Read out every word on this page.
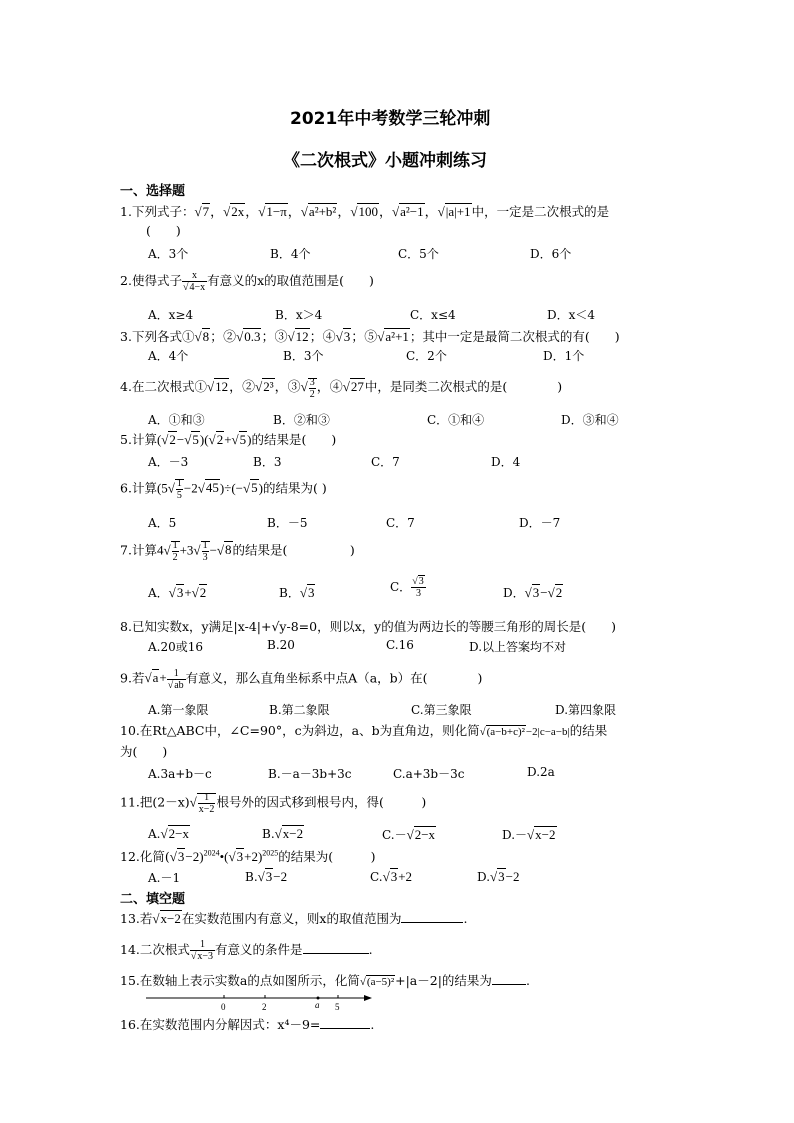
2021年中考数学三轮冲刺
《二次根式》小题冲刺练习
一、选择题
1.下列式子：√7，√2x，√1−π，√a²+b²，√100，√a²−1，√|a|+1中，一定是二次根式的是
(　　)
A．3个	B．4个	C．5个	D．6个
2.使得式子 $\frac{x}{√4-x}$ 有意义的x的取值范围是(　　)
A．x≥4	B．x＞4	C．x≤4	D．x＜4
3.下列各式①√8；②√0.3；③√12；④√3；⑤√a²+1；其中一定是最简二次根式的有(　　)
A．4个	B．3个	C．2个	D．1个
4.在二次根式①√12，②√2³，③√ $\frac{3}{2}$ ，④√27中，是同类二次根式的是(　　　　)
A．①和③	B．②和③	C．①和④	D．③和④
5.计算(√2−√5)(√2+√5)的结果是(　　)
A．－3	B．3	C．7	D．4
6.计算$(5√ \frac{1}{5} -2√45)\div(-√5)$的结果为( )
A．5	B．－5	C．7	D．－7
7.计算$4√ \frac{1}{2} +3√ \frac{1}{3} -√8$的结果是(　　　　　)
A．√3+√2	B．√3	C． $\frac{√3}{3}$	D．√3−√2
8.已知实数x，y满足|x-4|+√y-8=0，则以x，y的值为两边长的等腰三角形的周长是(　　)
A.20或16	B.20	C.16	D.以上答案均不对
9.若$√a+ \frac{1}{√ab}$ 有意义，那么直角坐标系中点A（a，b）在(　　　　)
A.第一象限	B.第二象限	C.第三象限	D.第四象限
10.在Rt△ABC中，∠C=90°，c为斜边，a、b为直角边，则化简√(a−b+c)²−2|c−a−b|的结果
为(　　)
A.3a+b－c	B.－a－3b+3c	C.a+3b－3c	D.2a
11.把$(2-x)√ \frac{1}{x-2}$ 根号外的因式移到根号内，得(　　　)
A.√2−x	B.√x−2	C.－√2−x	D.－√x−2
12.化简$(√3-2)^{2024}•(√3+2)^{2025}$的结果为(　　　)
A.－1	B.√3−2	C.√3+2	D.√3−2
二、填空题
13.若√x−2在实数范围内有意义，则x的取值范围为	.
14.二次根式 $\frac{1}{√x-3}$ 有意义的条件是	.
15.在数轴上表示实数a的点如图所示，化简√(a−5)²+|a－2|的结果为	.
0	2	a 5
16.在实数范围内分解因式：x⁴－9=	.
